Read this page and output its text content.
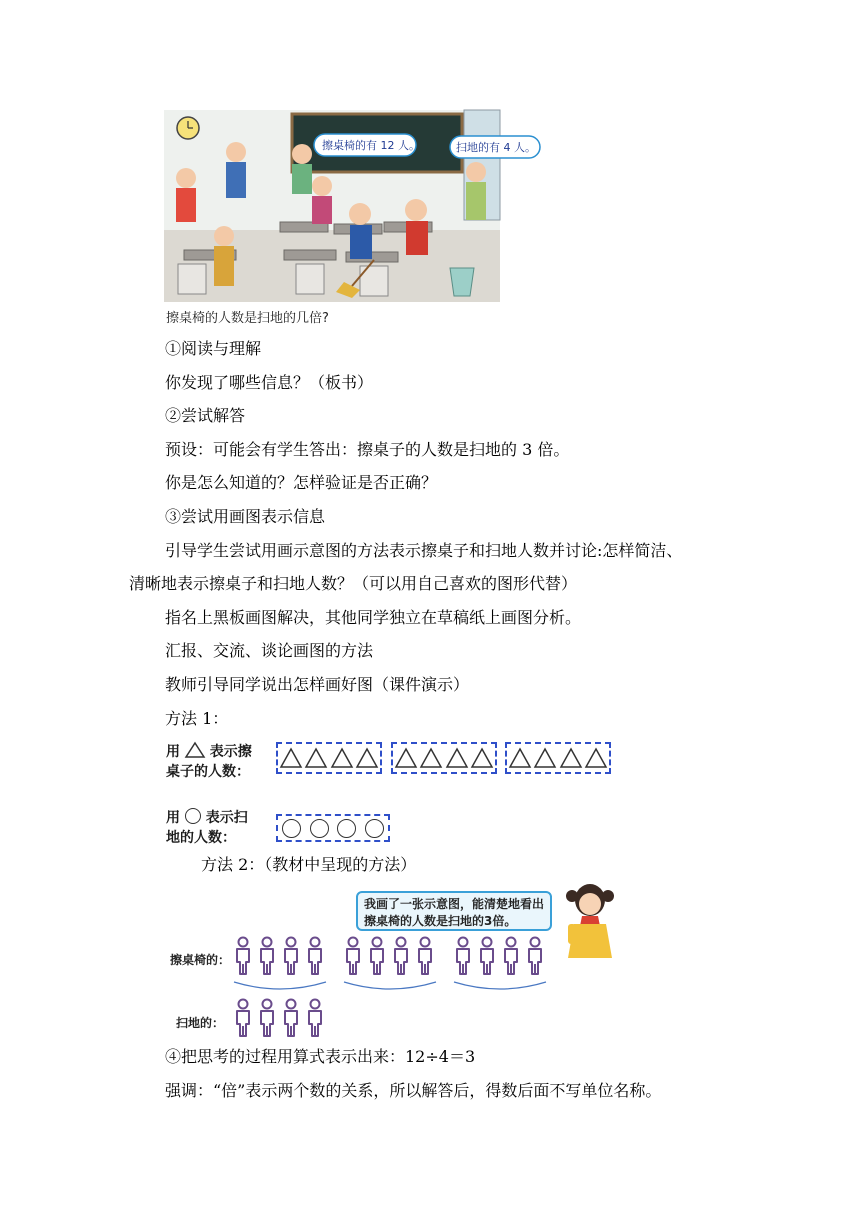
擦桌椅的有 12 人。	扫地的有 4 人。
擦桌椅的人数是扫地的几倍?
①阅读与理解
你发现了哪些信息？（板书）
②尝试解答
预设：可能会有学生答出：擦桌子的人数是扫地的 3 倍。
你是怎么知道的？怎样验证是否正确？
③尝试用画图表示信息
引导学生尝试用画示意图的方法表示擦桌子和扫地人数并讨论:怎样简洁、
清晰地表示擦桌子和扫地人数？（可以用自己喜欢的图形代替）
指名上黑板画图解决，其他同学独立在草稿纸上画图分析。
汇报、交流、谈论画图的方法
教师引导同学说出怎样画好图（课件演示）
方法 1：
用 表示擦
桌子的人数：
用 表示扫
地的人数：
方法 2：（教材中呈现的方法）
我画了一张示意图，能清楚地看出擦桌椅的人数是扫地的3倍。
擦桌椅的：
扫地的：
④把思考的过程用算式表示出来：12÷4＝3
强调：“倍”表示两个数的关系，所以解答后，得数后面不写单位名称。
